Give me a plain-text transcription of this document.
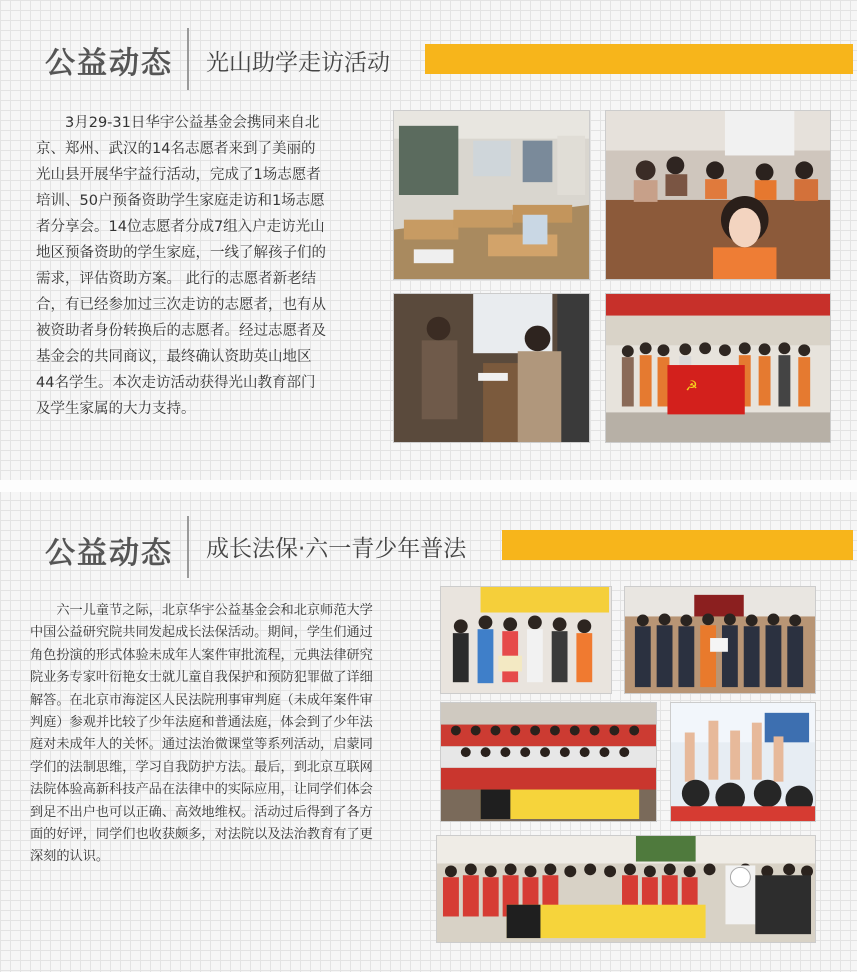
公益动态 光山助学走访活动

　　3月29-31日华宇公益基金会携同来自北
京、郑州、武汉的14名志愿者来到了美丽的
光山县开展华宇益行活动，完成了1场志愿者
培训、50户预备资助学生家庭走访和1场志愿
者分享会。14位志愿者分成7组入户走访光山
地区预备资助的学生家庭，一线了解孩子们的
需求，评估资助方案。 此行的志愿者新老结
合，有已经参加过三次走访的志愿者，也有从
被资助者身份转换后的志愿者。经过志愿者及
基金会的共同商议，最终确认资助英山地区
44名学生。本次走访活动获得光山教育部门
及学生家属的大力支持。

☭
公益动态 成长法保·六一青少年普法

　　六一儿童节之际，北京华宇公益基金会和北京师范大学
中国公益研究院共同发起成长法保活动。期间，学生们通过
角色扮演的形式体验未成年人案件审批流程，元典法律研究
院业务专家叶衍艳女士就儿童自我保护和预防犯罪做了详细
解答。在北京市海淀区人民法院刑事审判庭（未成年案件审
判庭）参观并比较了少年法庭和普通法庭，体会到了少年法
庭对未成年人的关怀。通过法治微课堂等系列活动，启蒙同
学们的法制思维，学习自我防护方法。最后，到北京互联网
法院体验高新科技产品在法律中的实际应用，让同学们体会
到足不出户也可以正确、高效地维权。活动过后得到了各方
面的好评，同学们也收获颇多，对法院以及法治教育有了更
深刻的认识。
